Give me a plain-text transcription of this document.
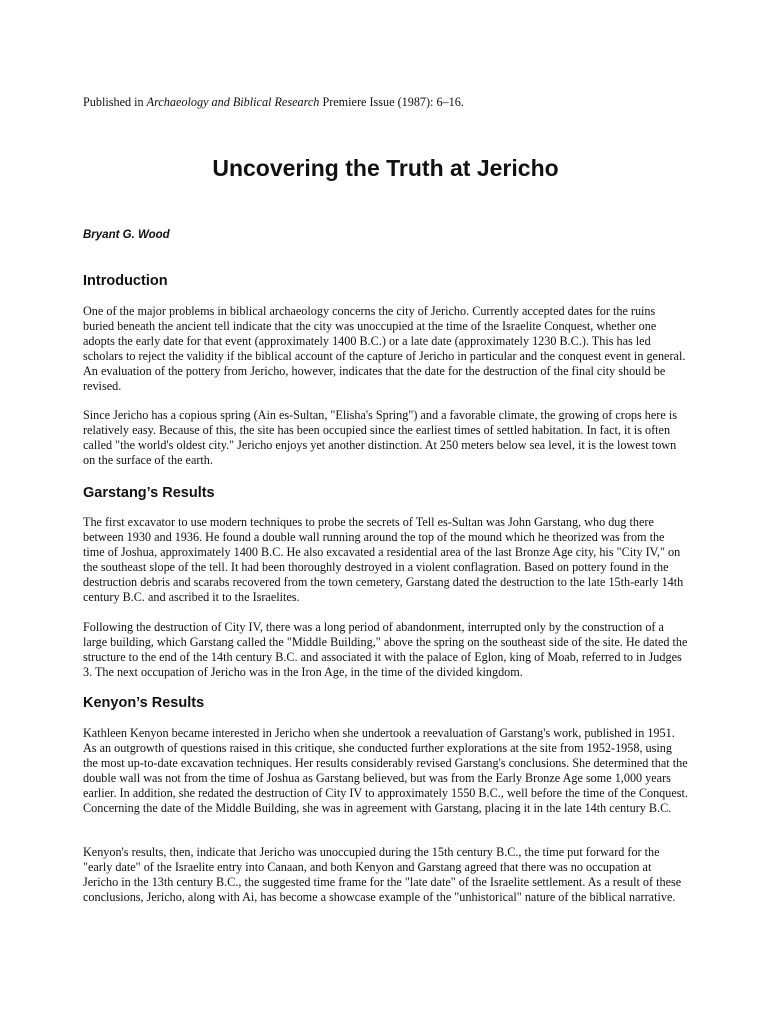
Published in Archaeology and Biblical Research Premiere Issue (1987): 6–16.
Uncovering the Truth at Jericho
Bryant G. Wood
Introduction

One of the major problems in biblical archaeology concerns the city of Jericho. Currently accepted dates for the ruins buried beneath the ancient tell indicate that the city was unoccupied at the time of the Israelite Conquest, whether one adopts the early date for that event (approximately 1400 B.C.) or a late date (approximately 1230 B.C.). This has led scholars to reject the validity if the biblical account of the capture of Jericho in particular and the conquest event in general. An evaluation of the pottery from Jericho, however, indicates that the date for the destruction of the final city should be revised.

Since Jericho has a copious spring (Ain es-Sultan, "Elisha's Spring") and a favorable climate, the growing of crops here is relatively easy. Because of this, the site has been occupied since the earliest times of settled habitation. In fact, it is often called "the world's oldest city." Jericho enjoys yet another distinction. At 250 meters below sea level, it is the lowest town on the surface of the earth.

Garstang’s Results

The first excavator to use modern techniques to probe the secrets of Tell es-Sultan was John Garstang, who dug there between 1930 and 1936. He found a double wall running around the top of the mound which he theorized was from the time of Joshua, approximately 1400 B.C. He also excavated a residential area of the last Bronze Age city, his "City IV," on the southeast slope of the tell. It had been thoroughly destroyed in a violent conflagration. Based on pottery found in the destruction debris and scarabs recovered from the town cemetery, Garstang dated the destruction to the late 15th-early 14th century B.C. and ascribed it to the Israelites.

Following the destruction of City IV, there was a long period of abandonment, interrupted only by the construction of a large building, which Garstang called the "Middle Building," above the spring on the southeast side of the site. He dated the structure to the end of the 14th century B.C. and associated it with the palace of Eglon, king of Moab, referred to in Judges 3. The next occupation of Jericho was in the Iron Age, in the time of the divided kingdom.

Kenyon’s Results

Kathleen Kenyon became interested in Jericho when she undertook a reevaluation of Garstang's work, published in 1951. As an outgrowth of questions raised in this critique, she conducted further explorations at the site from 1952-1958, using the most up-to-date excavation techniques. Her results considerably revised Garstang's conclusions. She determined that the double wall was not from the time of Joshua as Garstang believed, but was from the Early Bronze Age some 1,000 years earlier. In addition, she redated the destruction of City IV to approximately 1550 B.C., well before the time of the Conquest. Concerning the date of the Middle Building, she was in agreement with Garstang, placing it in the late 14th century B.C.

Kenyon's results, then, indicate that Jericho was unoccupied during the 15th century B.C., the time put forward for the "early date" of the Israelite entry into Canaan, and both Kenyon and Garstang agreed that there was no occupation at Jericho in the 13th century B.C., the suggested time frame for the "late date" of the Israelite settlement. As a result of these conclusions, Jericho, along with Ai, has become a showcase example of the "unhistorical" nature of the biblical narrative.
